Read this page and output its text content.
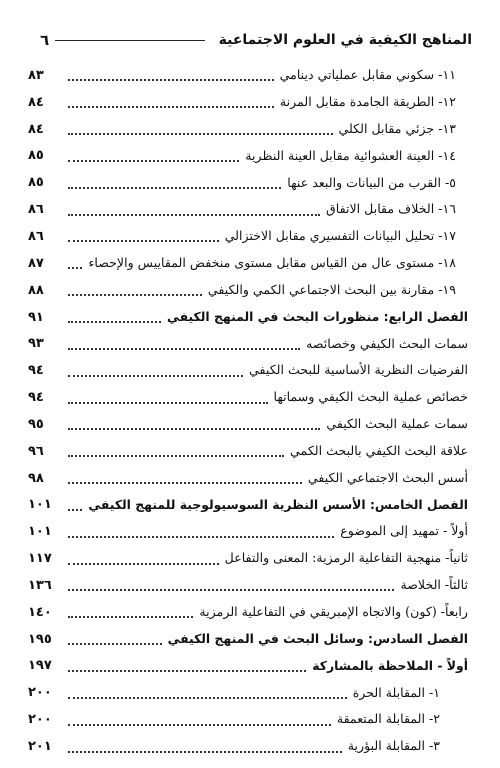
المناهج الكيفية في العلوم الاجتماعية
٦
١١- سكوني مقابل عملياتي دينامي
٨٣
١٢- الطريقة الجامدة مقابل المرنة
٨٤
١٣- جزئي مقابل الكلي
٨٤
١٤- العينة العشوائية مقابل العينة النظرية
٨٥
٥- القرب من البيانات والبعد عنها
٨٥
١٦- الخلاف مقابل الاتفاق
٨٦
١٧- تحليل البيانات التفسيري مقابل الاختزالي
٨٦
١٨- مستوى عال من القياس مقابل مستوى منخفض المقاييس والإحصاء
٨٧
١٩- مقارنة بين البحث الاجتماعي الكمي والكيفي
٨٨
الفصل الرابع: منظورات البحث في المنهج الكيفي
٩١
سمات البحث الكيفي وخصائصه
٩٣
الفرضيات النظرية الأساسية للبحث الكيفي
٩٤
خصائص عملية البحث الكيفي وسماتها
٩٤
سمات عملية البحث الكيفي
٩٥
علاقة البحث الكيفي بالبحث الكمي
٩٦
أسس البحث الاجتماعي الكيفي
٩٨
الفصل الخامس: الأسس النظرية السوسيولوجية للمنهج الكيفي
١٠١
أولاً - تمهيد إلى الموضوع
١٠١
ثانياً- منهجية التفاعلية الرمزية: المعنى والتفاعل
١١٧
ثالثاً- الخلاصة
١٣٦
رابعاً- (كون) والاتجاه الإمبريقي في التفاعلية الرمزية
١٤٠
الفصل السادس: وسائل البحث في المنهج الكيفي
١٩٥
أولاً - الملاحظة بالمشاركة
١٩٧
١- المقابلة الحرة
٢٠٠
٢- المقابلة المتعمقة
٢٠٠
٣- المقابلة البؤرية
٢٠١
